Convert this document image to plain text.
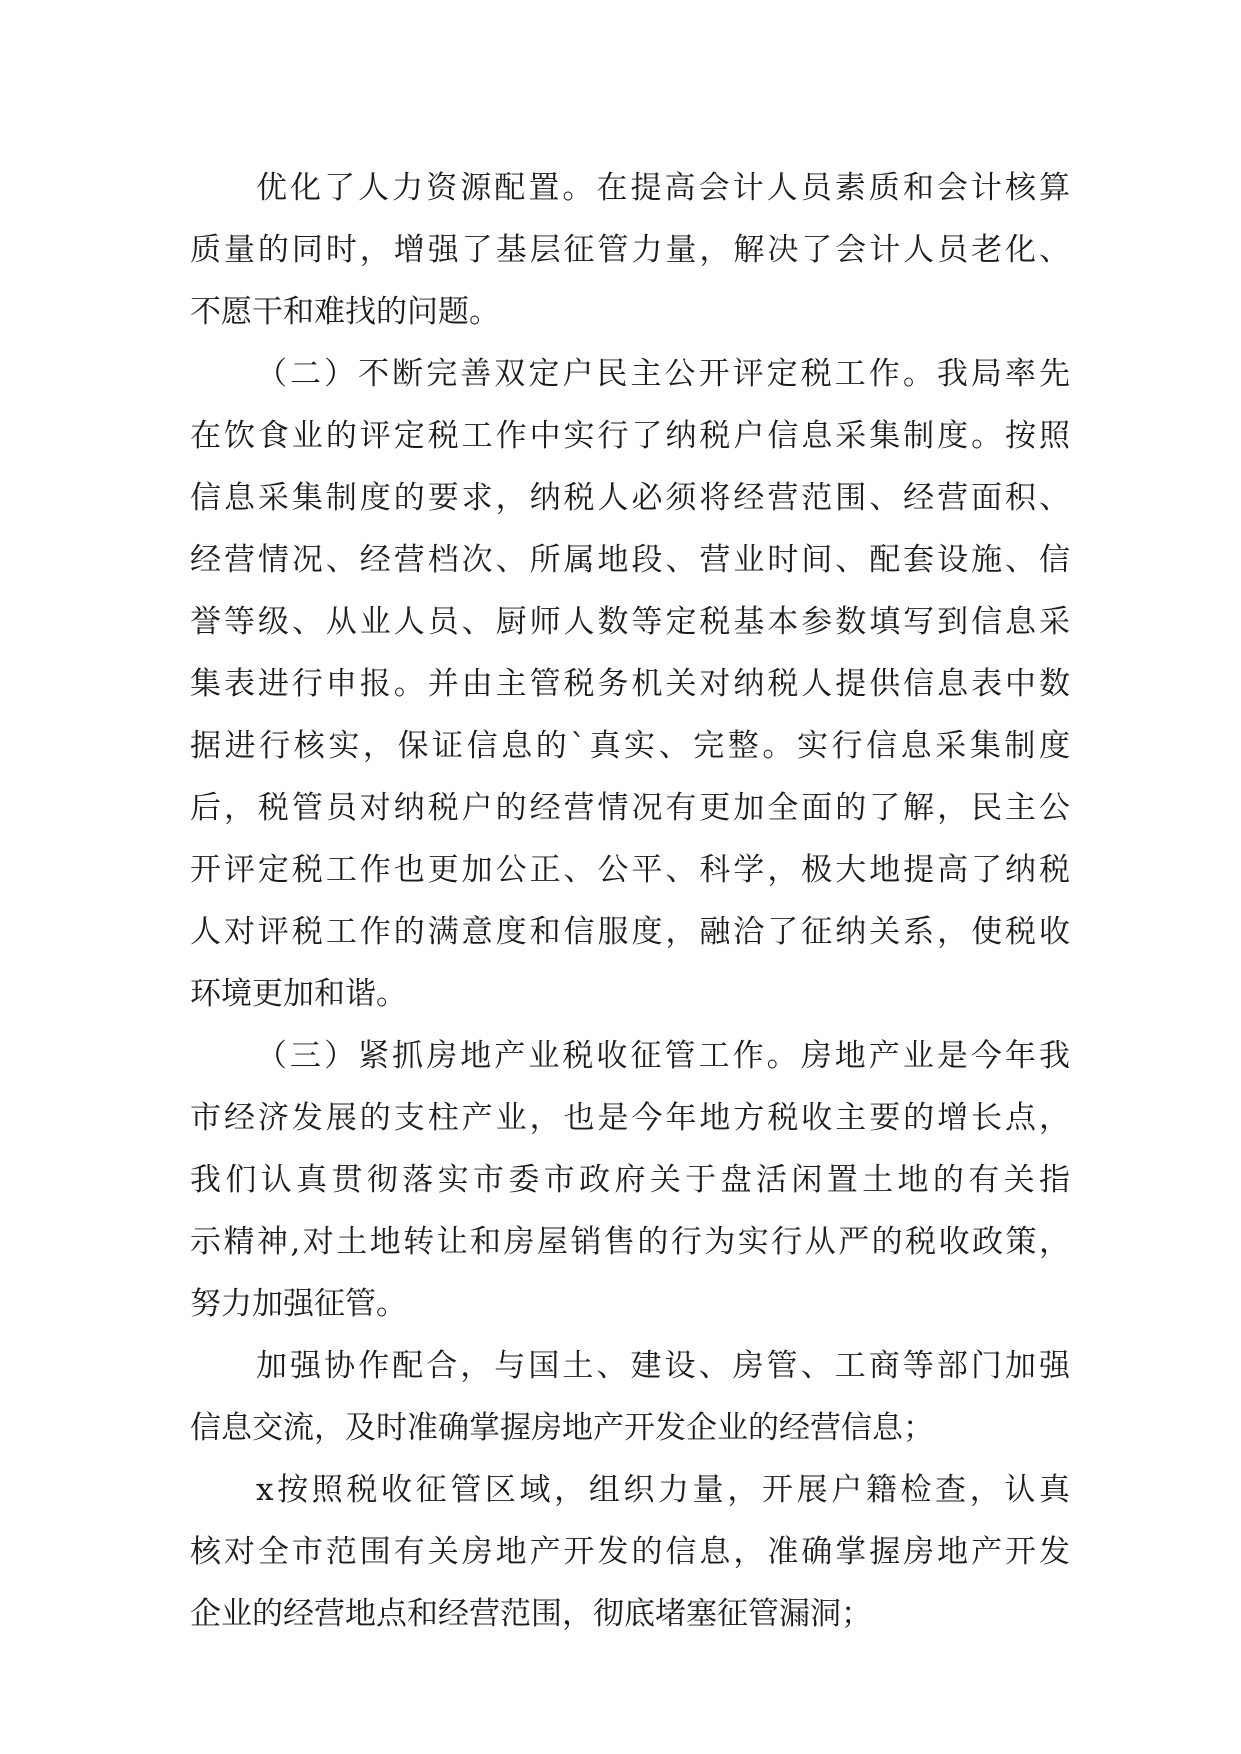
优化了人力资源配置。在提高会计人员素质和会计核算
质量的同时，增强了基层征管力量，解决了会计人员老化、
不愿干和难找的问题。
（二）不断完善双定户民主公开评定税工作。我局率先
在饮食业的评定税工作中实行了纳税户信息采集制度。按照
信息采集制度的要求，纳税人必须将经营范围、经营面积、
经营情况、经营档次、所属地段、营业时间、配套设施、信
誉等级、从业人员、厨师人数等定税基本参数填写到信息采
集表进行申报。并由主管税务机关对纳税人提供信息表中数
据进行核实，保证信息的`真实、完整。实行信息采集制度
后，税管员对纳税户的经营情况有更加全面的了解，民主公
开评定税工作也更加公正、公平、科学，极大地提高了纳税
人对评税工作的满意度和信服度，融洽了征纳关系，使税收
环境更加和谐。
（三）紧抓房地产业税收征管工作。房地产业是今年我
市经济发展的支柱产业，也是今年地方税收主要的增长点，
我们认真贯彻落实市委市政府关于盘活闲置土地的有关指
示精神,对土地转让和房屋销售的行为实行从严的税收政策，
努力加强征管。
加强协作配合，与国土、建设、房管、工商等部门加强
信息交流，及时准确掌握房地产开发企业的经营信息；
x按照税收征管区域，组织力量，开展户籍检查，认真
核对全市范围有关房地产开发的信息，准确掌握房地产开发
企业的经营地点和经营范围，彻底堵塞征管漏洞；
